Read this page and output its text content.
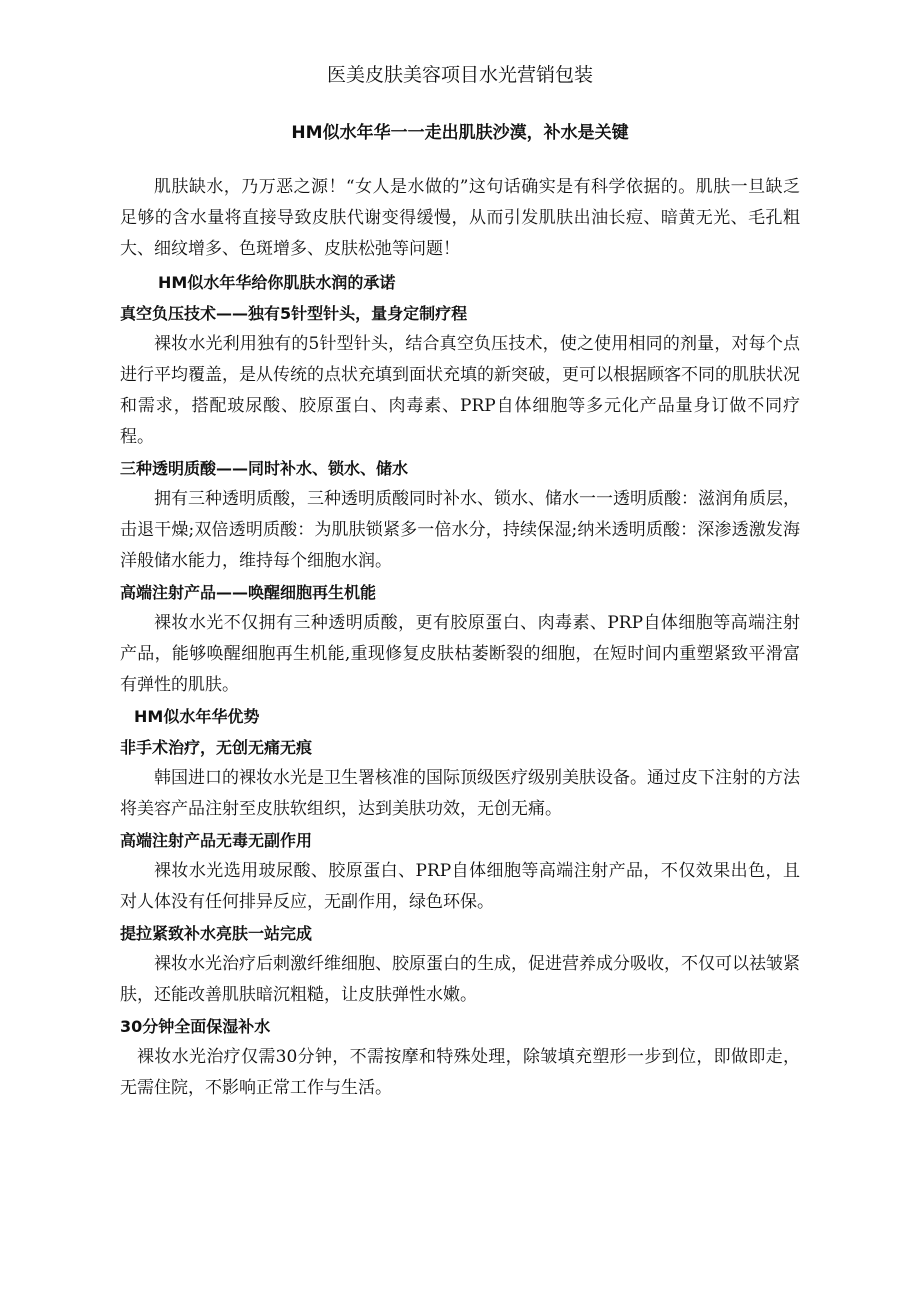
医美皮肤美容项目水光营销包装
HM似水年华一一走出肌肤沙漠，补水是关键

肌肤缺水，乃万恶之源！“女人是水做的”这句话确实是有科学依据的。肌肤一旦缺乏足够的含水量将直接导致皮肤代谢变得缓慢，从而引发肌肤出油长痘、暗黄无光、毛孔粗大、细纹增多、色斑增多、皮肤松弛等问题！

HM似水年华给你肌肤水润的承诺

真空负压技术——独有5针型针头，量身定制疗程

裸妆水光利用独有的5针型针头，结合真空负压技术，使之使用相同的剂量，对每个点进行平均覆盖，是从传统的点状充填到面状充填的新突破，更可以根据顾客不同的肌肤状况和需求，搭配玻尿酸、胶原蛋白、肉毒素、PRP自体细胞等多元化产品量身订做不同疗程。

三种透明质酸——同时补水、锁水、储水

拥有三种透明质酸，三种透明质酸同时补水、锁水、储水一一透明质酸：滋润角质层，击退干燥;双倍透明质酸：为肌肤锁紧多一倍水分，持续保湿;纳米透明质酸：深渗透激发海洋般储水能力，维持每个细胞水润。

高端注射产品——唤醒细胞再生机能

裸妆水光不仅拥有三种透明质酸，更有胶原蛋白、肉毒素、PRP自体细胞等高端注射产品，能够唤醒细胞再生机能,重现修复皮肤枯萎断裂的细胞，在短时间内重塑紧致平滑富有弹性的肌肤。

HM似水年华优势

非手术治疗，无创无痛无痕

韩国进口的裸妆水光是卫生署核准的国际顶级医疗级别美肤设备。通过皮下注射的方法将美容产品注射至皮肤软组织，达到美肤功效，无创无痛。

高端注射产品无毒无副作用

裸妆水光选用玻尿酸、胶原蛋白、PRP自体细胞等高端注射产品，不仅效果出色，且对人体没有任何排异反应，无副作用，绿色环保。

提拉紧致补水亮肤一站完成

裸妆水光治疗后刺激纤维细胞、胶原蛋白的生成，促进营养成分吸收，不仅可以祛皱紧肤，还能改善肌肤暗沉粗糙，让皮肤弹性水嫩。

30分钟全面保湿补水

裸妆水光治疗仅需30分钟，不需按摩和特殊处理，除皱填充塑形一步到位，即做即走，无需住院，不影响正常工作与生活。
